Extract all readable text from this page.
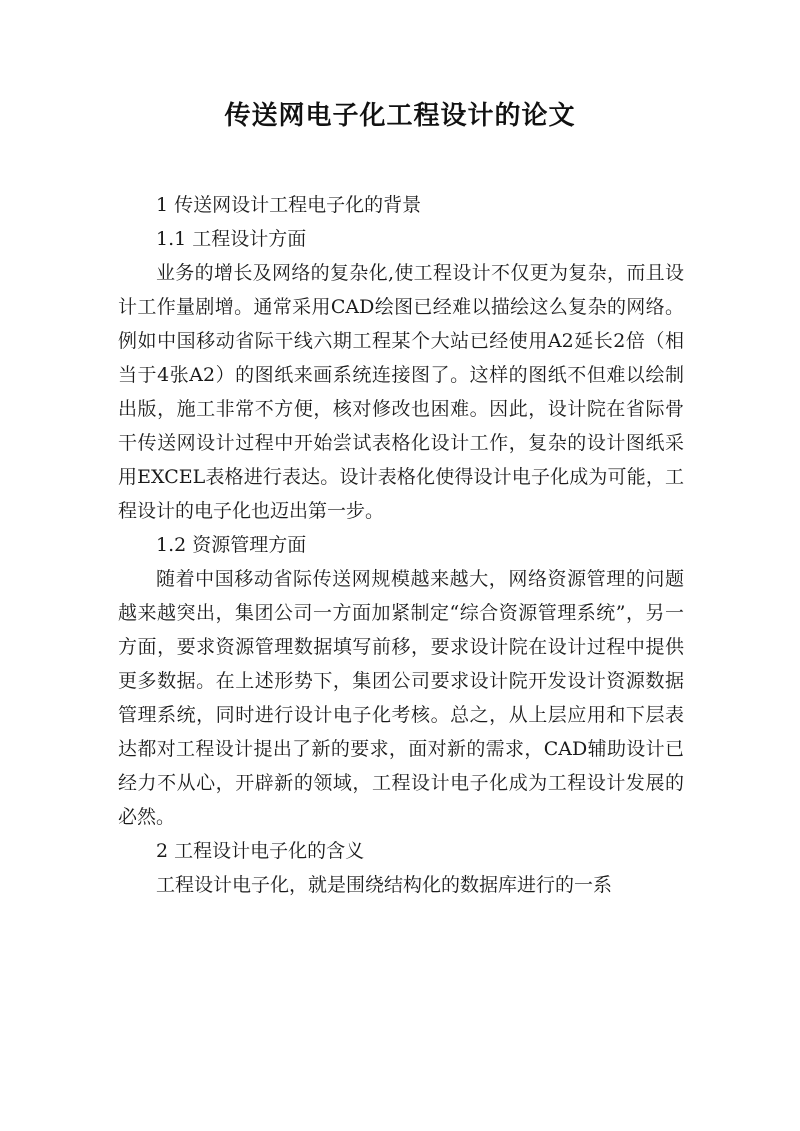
传送网电子化工程设计的论文

1 传送网设计工程电子化的背景

1.1 工程设计方面

业务的增长及网络的复杂化,使工程设计不仅更为复杂，而且设计工作量剧增。通常采用CAD绘图已经难以描绘这么复杂的网络。例如中国移动省际干线六期工程某个大站已经使用A2延长2倍（相当于4张A2）的图纸来画系统连接图了。这样的图纸不但难以绘制出版，施工非常不方便，核对修改也困难。因此，设计院在省际骨干传送网设计过程中开始尝试表格化设计工作，复杂的设计图纸采用EXCEL表格进行表达。设计表格化使得设计电子化成为可能，工程设计的电子化也迈出第一步。

1.2 资源管理方面

随着中国移动省际传送网规模越来越大，网络资源管理的问题越来越突出，集团公司一方面加紧制定“综合资源管理系统”，另一方面，要求资源管理数据填写前移，要求设计院在设计过程中提供更多数据。在上述形势下，集团公司要求设计院开发设计资源数据管理系统，同时进行设计电子化考核。总之，从上层应用和下层表达都对工程设计提出了新的要求，面对新的需求，CAD辅助设计已经力不从心，开辟新的领域，工程设计电子化成为工程设计发展的必然。

2 工程设计电子化的含义

工程设计电子化，就是围绕结构化的数据库进行的一系
